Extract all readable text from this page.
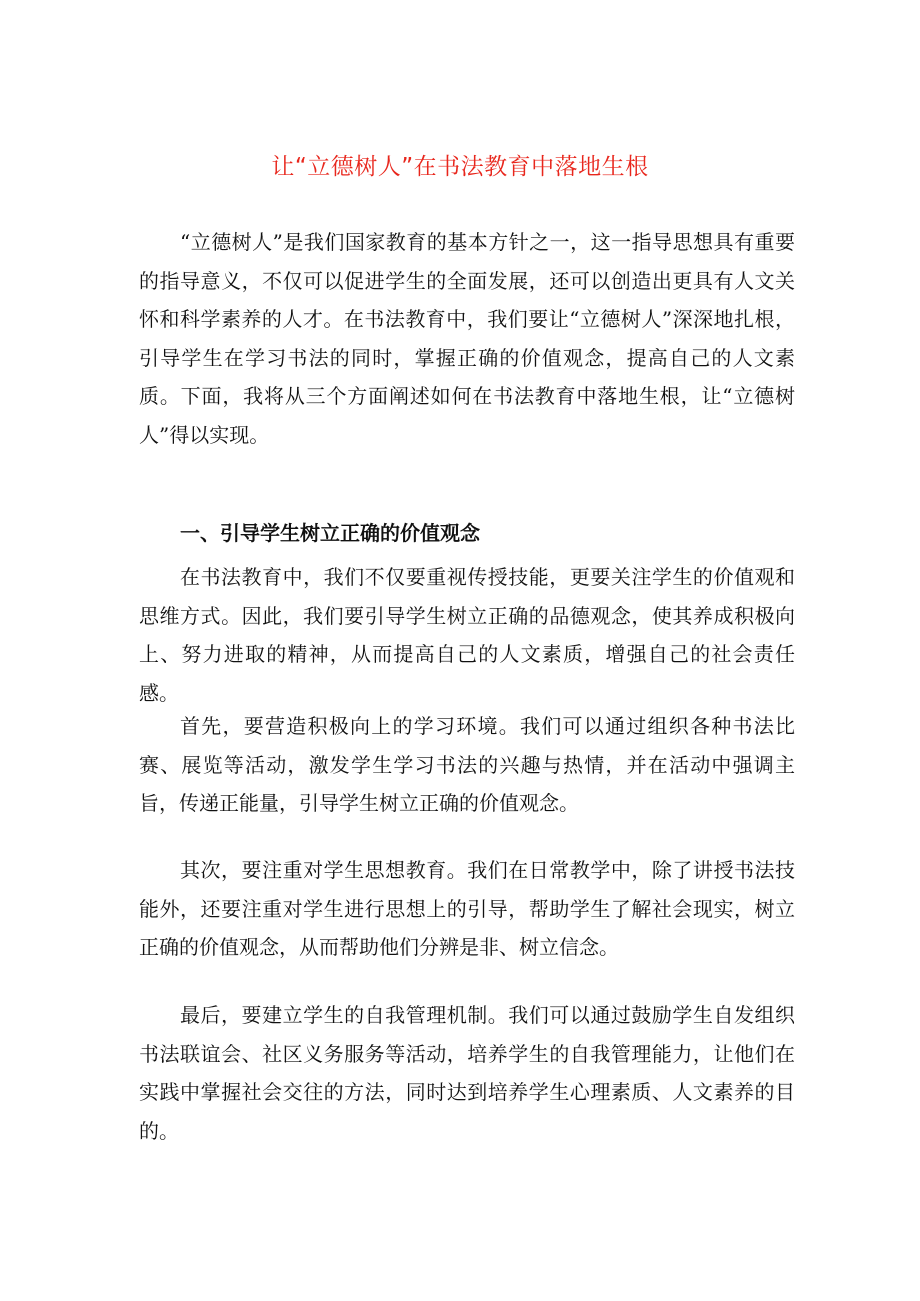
让“立德树人”在书法教育中落地生根

“立德树人”是我们国家教育的基本方针之一，这一指导思想具有重要的指导意义，不仅可以促进学生的全面发展，还可以创造出更具有人文关怀和科学素养的人才。在书法教育中，我们要让“立德树人”深深地扎根，引导学生在学习书法的同时，掌握正确的价值观念，提高自己的人文素质。下面，我将从三个方面阐述如何在书法教育中落地生根，让“立德树人”得以实现。

一、引导学生树立正确的价值观念

在书法教育中，我们不仅要重视传授技能，更要关注学生的价值观和思维方式。因此，我们要引导学生树立正确的品德观念，使其养成积极向上、努力进取的精神，从而提高自己的人文素质，增强自己的社会责任感。

首先，要营造积极向上的学习环境。我们可以通过组织各种书法比赛、展览等活动，激发学生学习书法的兴趣与热情，并在活动中强调主旨，传递正能量，引导学生树立正确的价值观念。

其次，要注重对学生思想教育。我们在日常教学中，除了讲授书法技能外，还要注重对学生进行思想上的引导，帮助学生了解社会现实，树立正确的价值观念，从而帮助他们分辨是非、树立信念。

最后，要建立学生的自我管理机制。我们可以通过鼓励学生自发组织书法联谊会、社区义务服务等活动，培养学生的自我管理能力，让他们在实践中掌握社会交往的方法，同时达到培养学生心理素质、人文素养的目的。
